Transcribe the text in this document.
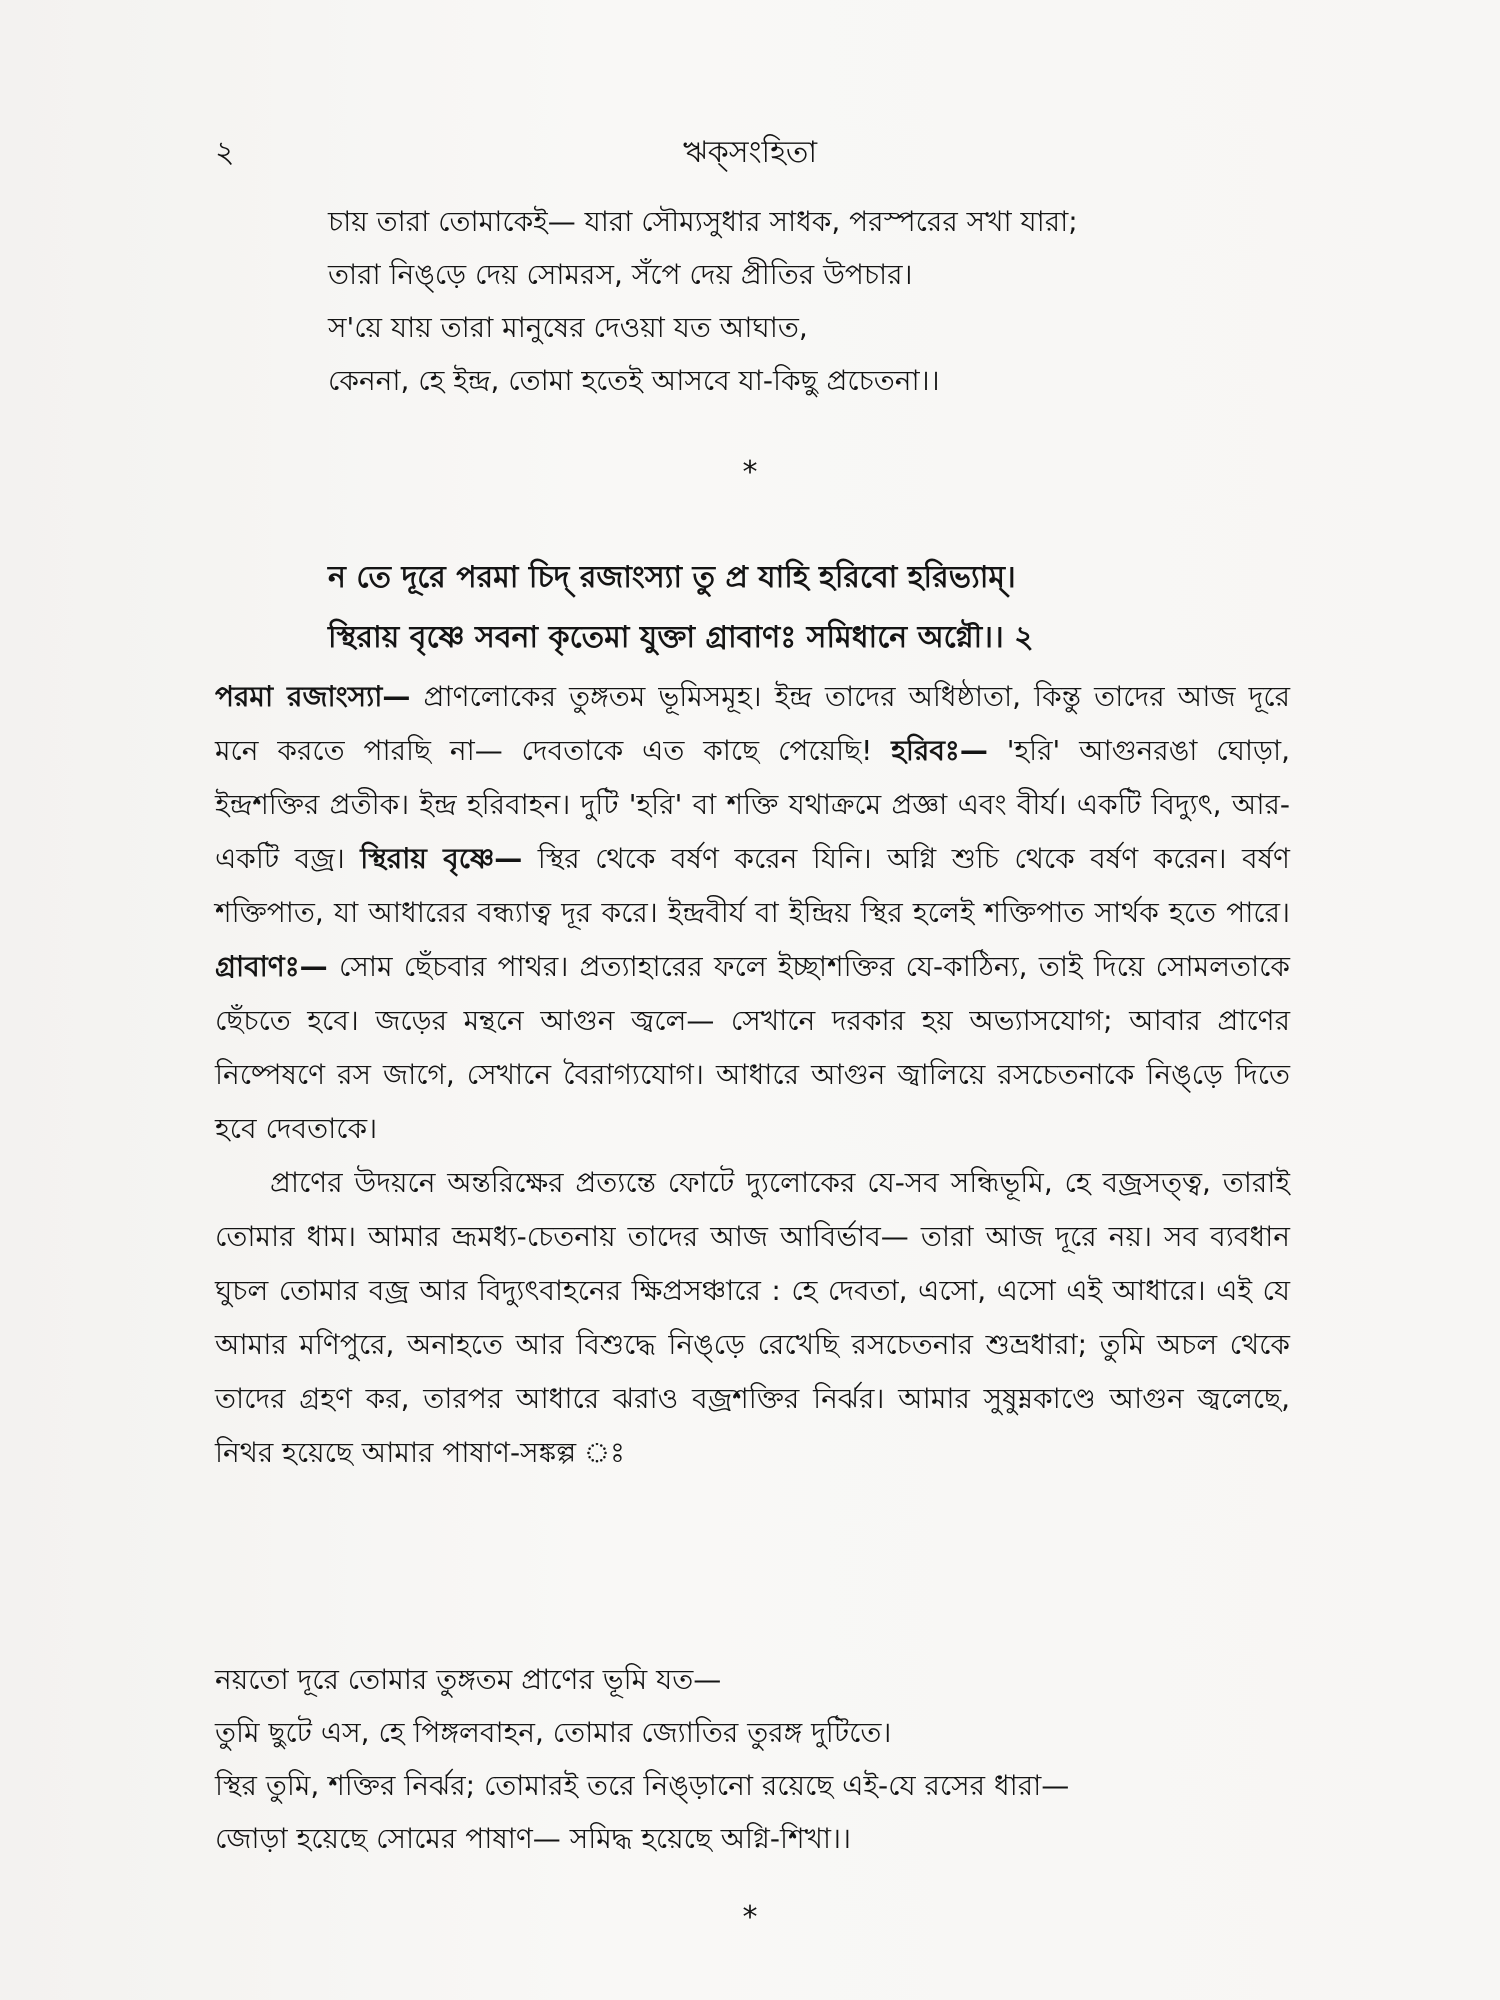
২	ঋক্‌সংহিতা
চায় তারা তোমাকেই— যারা সৌম্যসুধার সাধক, পরস্পরের সখা যারা;
তারা নিঙ্‌ড়ে দেয় সোমরস, সঁপে দেয় প্রীতির উপচার।
স'য়ে যায় তারা মানুষের দেওয়া যত আঘাত,
কেননা, হে ইন্দ্র, তোমা হতেই আসবে যা-কিছু প্রচেতনা।।
*
ন তে দূরে পরমা চিদ্ রজাংস্যা তু প্র যাহি হরিবো হরিভ্যাম্।
স্থিরায় বৃষ্ণে সবনা কৃতেমা যুক্তা গ্রাবাণঃ সমিধানে অগ্নৌ।। ২

পরমা রজাংস্যা— প্রাণলোকের তুঙ্গতম ভূমিসমূহ। ইন্দ্র তাদের অধিষ্ঠাতা, কিন্তু তাদের আজ দূরে মনে করতে পারছি না— দেবতাকে এত কাছে পেয়েছি! হরিবঃ— 'হরি' আগুনরঙা ঘোড়া, ইন্দ্রশক্তির প্রতীক। ইন্দ্র হরিবাহন। দুটি 'হরি' বা শক্তি যথাক্রমে প্রজ্ঞা এবং বীর্য। একটি বিদ্যুৎ, আর-একটি বজ্র। স্থিরায় বৃষ্ণে— স্থির থেকে বর্ষণ করেন যিনি। অগ্নি শুচি থেকে বর্ষণ করেন। বর্ষণ শক্তিপাত, যা আধারের বন্ধ্যাত্ব দূর করে। ইন্দ্রবীর্য বা ইন্দ্রিয় স্থির হলেই শক্তিপাত সার্থক হতে পারে। গ্রাবাণঃ— সোম ছেঁচবার পাথর। প্রত্যাহারের ফলে ইচ্ছাশক্তির যে-কাঠিন্য, তাই দিয়ে সোমলতাকে ছেঁচতে হবে। জড়ের মন্থনে আগুন জ্বলে— সেখানে দরকার হয় অভ্যাসযোগ; আবার প্রাণের নিষ্পেষণে রস জাগে, সেখানে বৈরাগ্যযোগ। আধারে আগুন জ্বালিয়ে রসচেতনাকে নিঙ্‌ড়ে দিতে হবে দেবতাকে।

প্রাণের উদয়নে অন্তরিক্ষের প্রত্যন্তে ফোটে দ্যুলোকের যে-সব সন্ধিভূমি, হে বজ্রসত্ত্ব, তারাই তোমার ধাম। আমার ভ্রূমধ্য-চেতনায় তাদের আজ আবির্ভাব— তারা আজ দূরে নয়। সব ব্যবধান ঘুচল তোমার বজ্র আর বিদ্যুৎবাহনের ক্ষিপ্রসঞ্চারে : হে দেবতা, এসো, এসো এই আধারে। এই যে আমার মণিপুরে, অনাহতে আর বিশুদ্ধে নিঙ্‌ড়ে রেখেছি রসচেতনার শুভ্রধারা; তুমি অচল থেকে তাদের গ্রহণ কর, তারপর আধারে ঝরাও বজ্রশক্তির নির্ঝর। আমার সুষুম্নকাণ্ডে আগুন জ্বলেছে, নিথর হয়েছে আমার পাষাণ-সঙ্কল্প ঃ

নয়তো দূরে তোমার তুঙ্গতম প্রাণের ভূমি যত—
তুমি ছুটে এস, হে পিঙ্গলবাহন, তোমার জ্যোতির তুরঙ্গ দুটিতে।
স্থির তুমি, শক্তির নির্ঝর; তোমারই তরে নিঙ্‌ড়ানো রয়েছে এই-যে রসের ধারা—
জোড়া হয়েছে সোমের পাষাণ— সমিদ্ধ হয়েছে অগ্নি-শিখা।।
*
